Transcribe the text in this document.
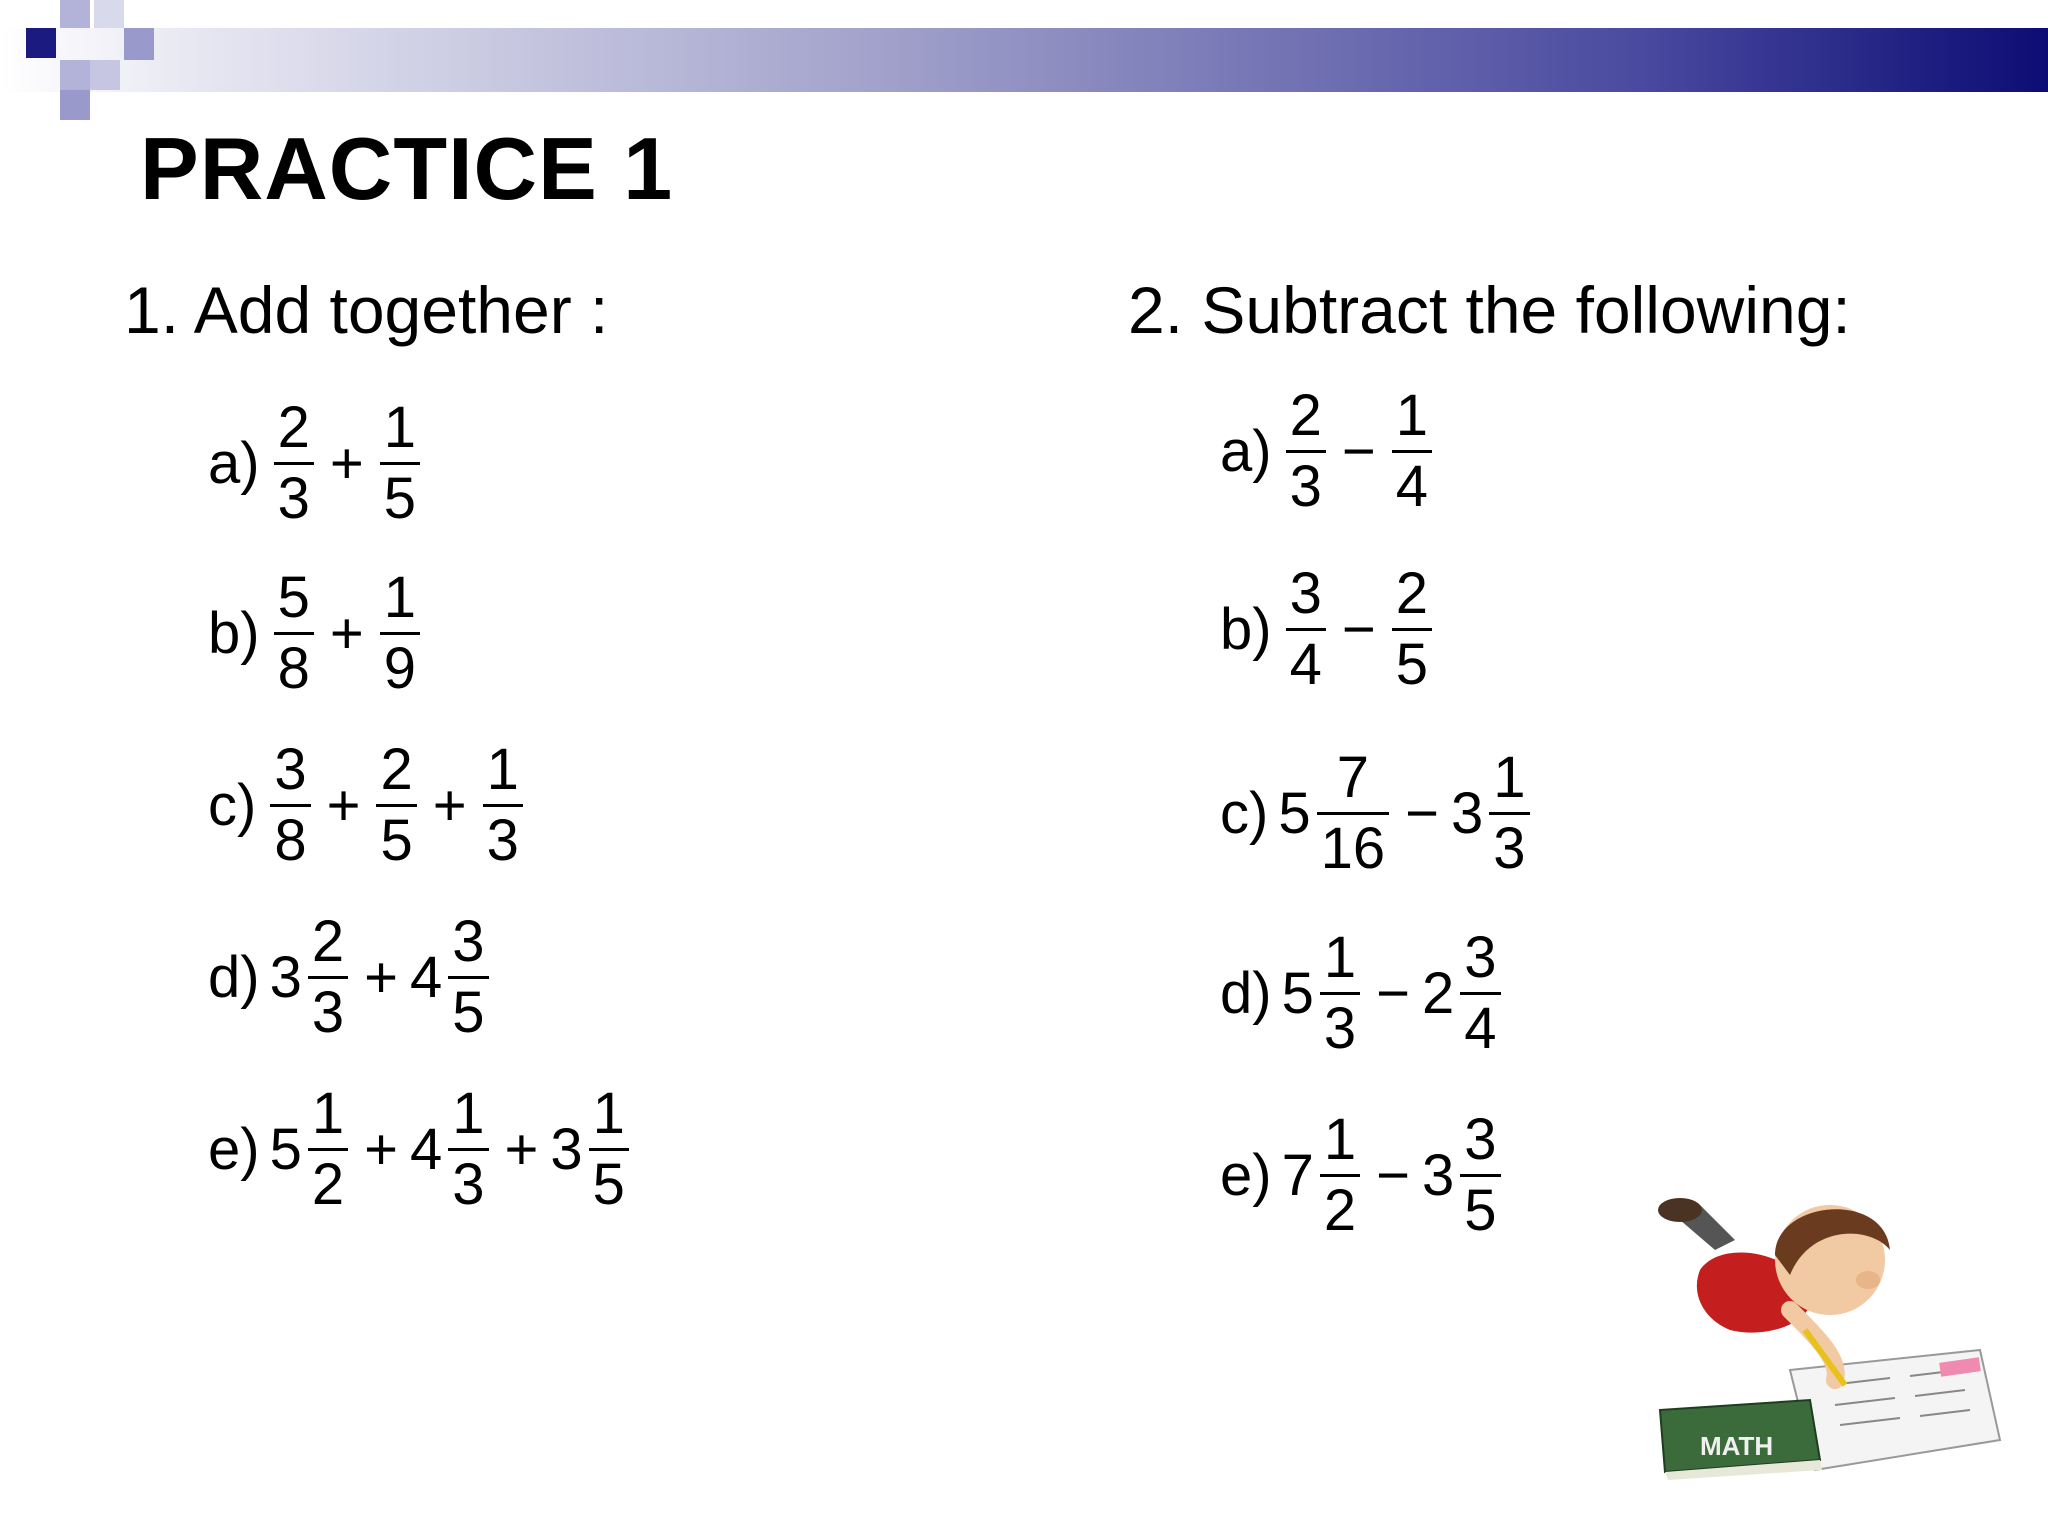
PRACTICE 1

1. Add together :	2. Subtract the following:

$a) \frac{2}{3} + \frac{1}{5}$
$b) \frac{5}{8} + \frac{1}{9}$
$c) \frac{3}{8} + \frac{2}{5} + \frac{1}{3}$
d) $3 \frac{2}{3} + 4 \frac{3}{5}$
e) $5 \frac{1}{2} + 4 \frac{1}{3} + 3 \frac{1}{5}$
$a) \frac{2}{3} - \frac{1}{4}$
$b) \frac{3}{4} - \frac{2}{5}$
c) $5 \frac{7}{16} - 3 \frac{1}{3}$
d) $5 \frac{1}{3} - 2 \frac{3}{4}$
e) $7 \frac{1}{2} - 3 \frac{3}{5}$
MATH
